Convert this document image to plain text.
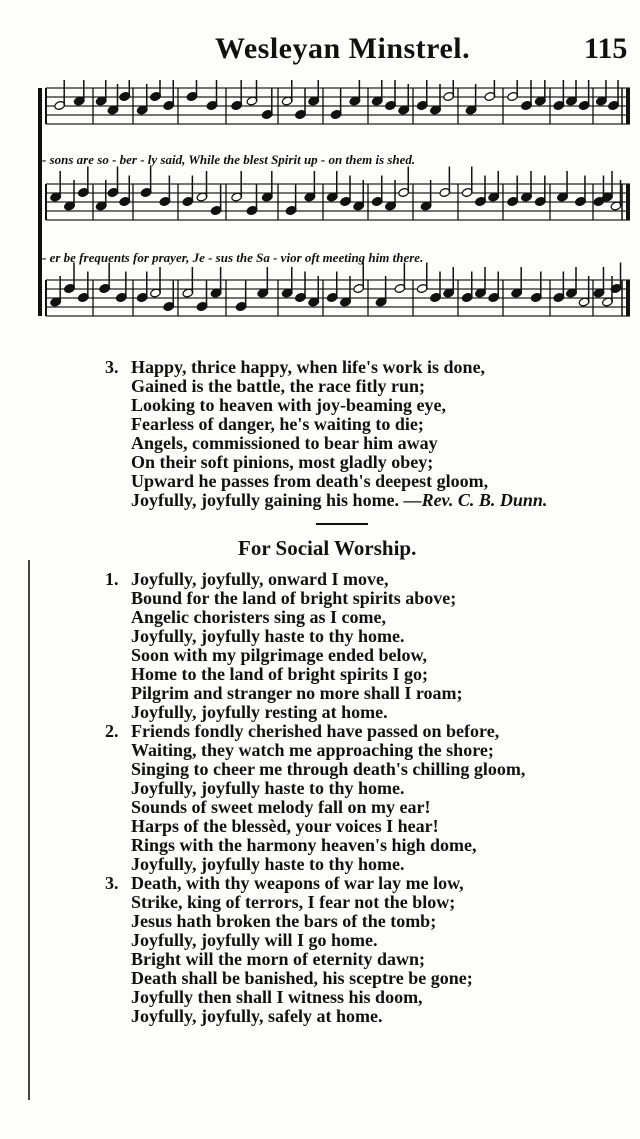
Wesleyan Minstrel.	115
- sons are so - ber - ly said, While the blest Spirit up - on them is shed.
- er be frequents for prayer, Je - sus the Sa - vior oft meeting him there.
3. Happy, thrice happy, when life's work is done,
Gained is the battle, the race fitly run;
Looking to heaven with joy-beaming eye,
Fearless of danger, he's waiting to die;
Angels, commissioned to bear him away
On their soft pinions, most gladly obey;
Upward he passes from death's deepest gloom,
Joyfully, joyfully gaining his home. —Rev. C. B. Dunn.
For Social Worship.
1. Joyfully, joyfully, onward I move,
Bound for the land of bright spirits above;
Angelic choristers sing as I come,
Joyfully, joyfully haste to thy home.
Soon with my pilgrimage ended below,
Home to the land of bright spirits I go;
Pilgrim and stranger no more shall I roam;
Joyfully, joyfully resting at home.
2. Friends fondly cherished have passed on before,
Waiting, they watch me approaching the shore;
Singing to cheer me through death's chilling gloom,
Joyfully, joyfully haste to thy home.
Sounds of sweet melody fall on my ear!
Harps of the blessèd, your voices I hear!
Rings with the harmony heaven's high dome,
Joyfully, joyfully haste to thy home.
3. Death, with thy weapons of war lay me low,
Strike, king of terrors, I fear not the blow;
Jesus hath broken the bars of the tomb;
Joyfully, joyfully will I go home.
Bright will the morn of eternity dawn;
Death shall be banished, his sceptre be gone;
Joyfully then shall I witness his doom,
Joyfully, joyfully, safely at home.
